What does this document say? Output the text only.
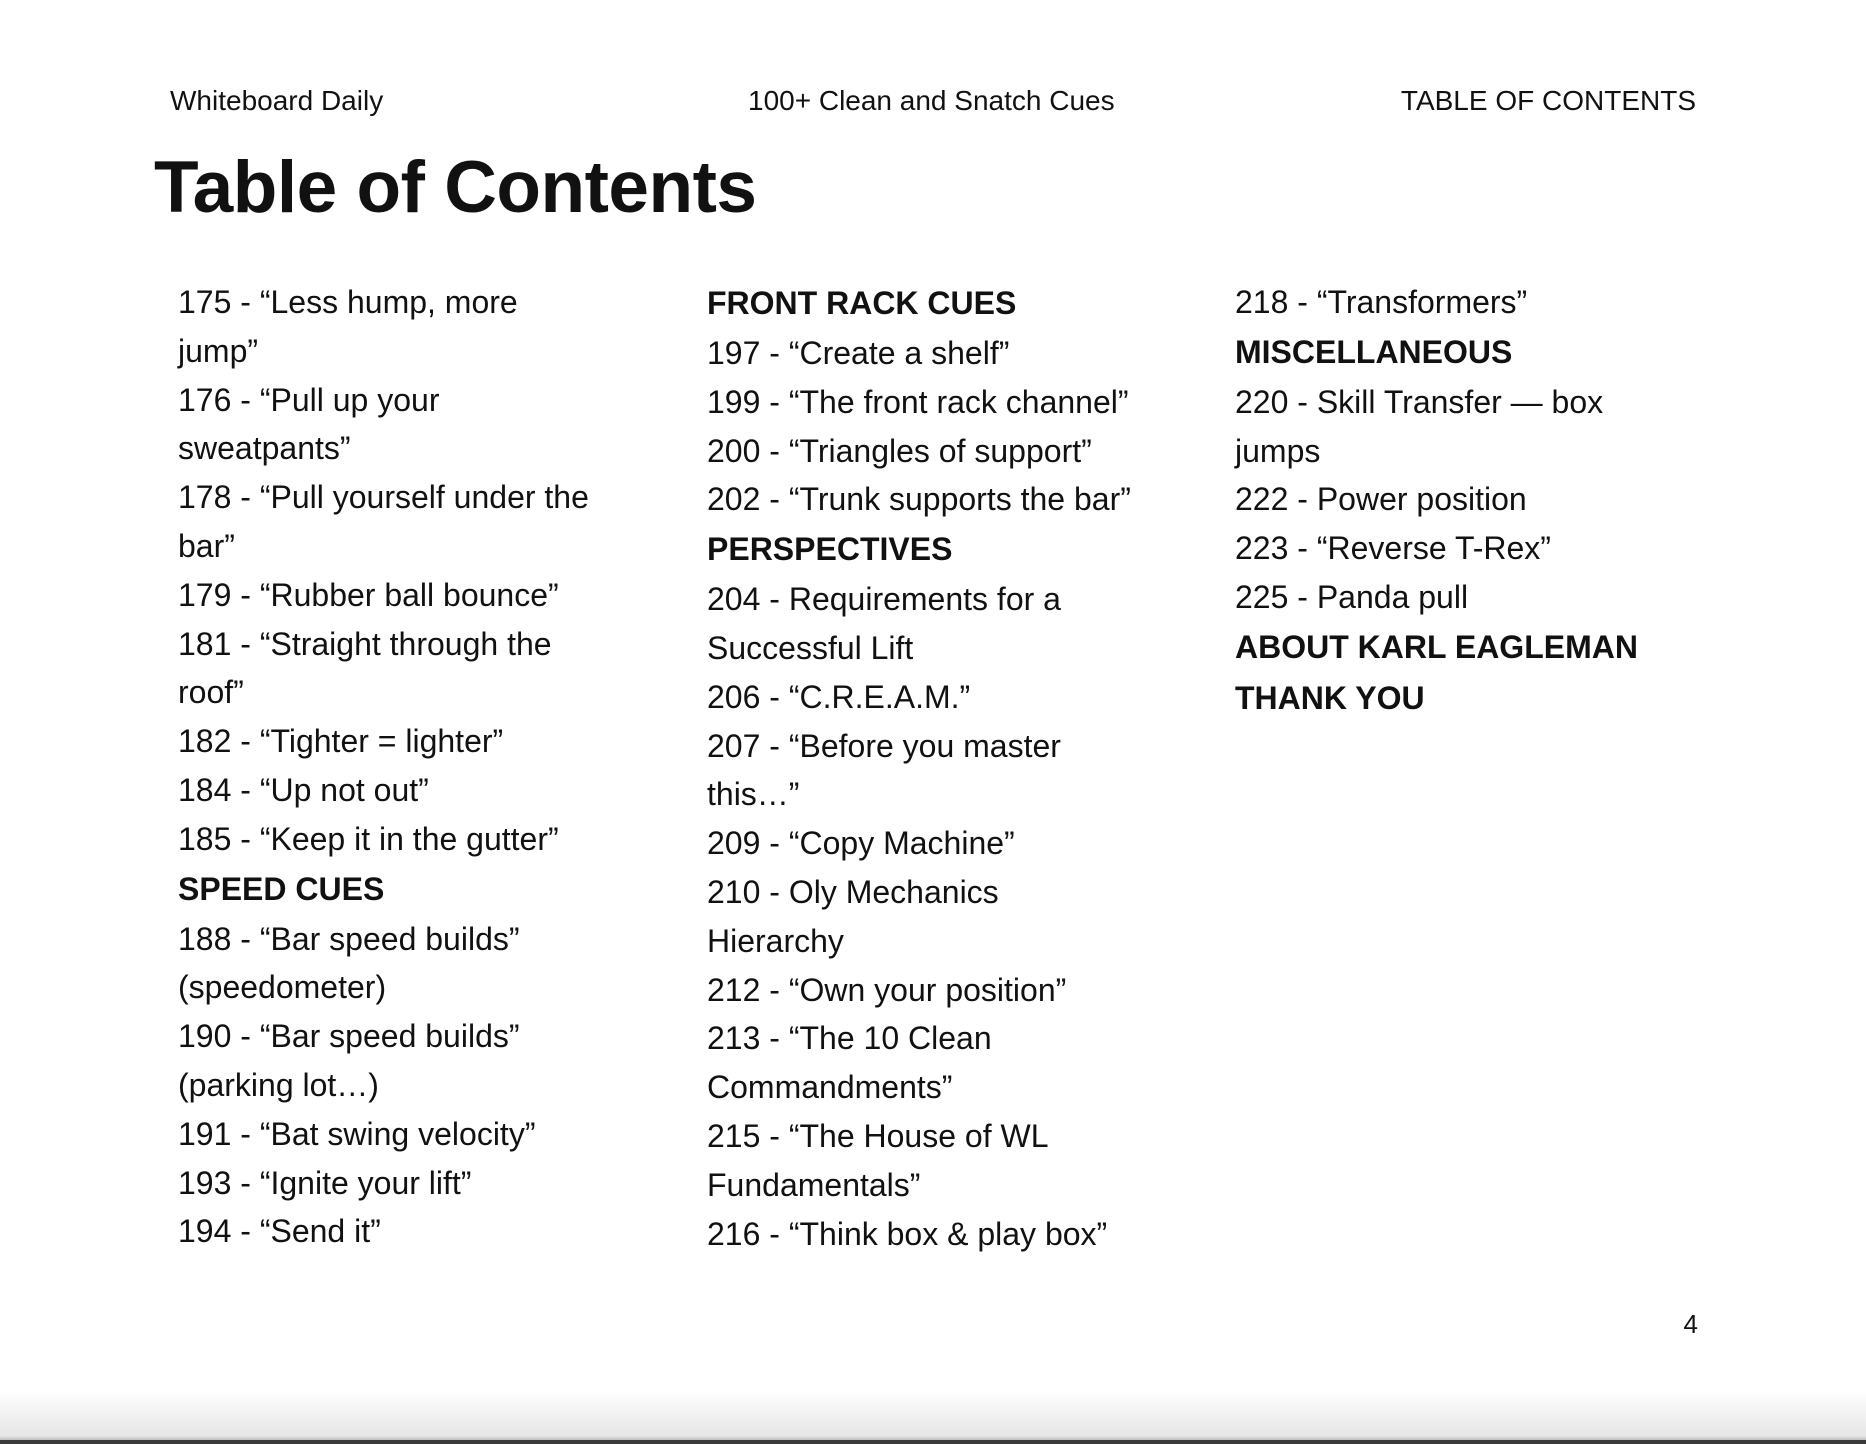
Whiteboard Daily	100+ Clean and Snatch Cues	TABLE OF CONTENTS
Table of Contents

175 - “Less hump, more

jump”

176 - “Pull up your

sweatpants”

178 - “Pull yourself under the

bar”

179 - “Rubber ball bounce”

181 - “Straight through the

roof”

182 - “Tighter = lighter”

184 - “Up not out”

185 - “Keep it in the gutter”

SPEED CUES

188 - “Bar speed builds”

(speedometer)

190 - “Bar speed builds”

(parking lot…)

191 - “Bat swing velocity”

193 - “Ignite your lift”

194 - “Send it”

FRONT RACK CUES

197 - “Create a shelf”

199 - “The front rack channel”

200 - “Triangles of support”

202 - “Trunk supports the bar”

PERSPECTIVES

204 - Requirements for a

Successful Lift

206 - “C.R.E.A.M.”

207 - “Before you master

this…”

209 - “Copy Machine”

210 - Oly Mechanics

Hierarchy

212 - “Own your position”

213 - “The 10 Clean

Commandments”

215 - “The House of WL

Fundamentals”

216 - “Think box & play box”

218 - “Transformers”

MISCELLANEOUS

220 - Skill Transfer — box

jumps

222 - Power position

223 - “Reverse T-Rex”

225 - Panda pull

ABOUT KARL EAGLEMAN

THANK YOU

4
